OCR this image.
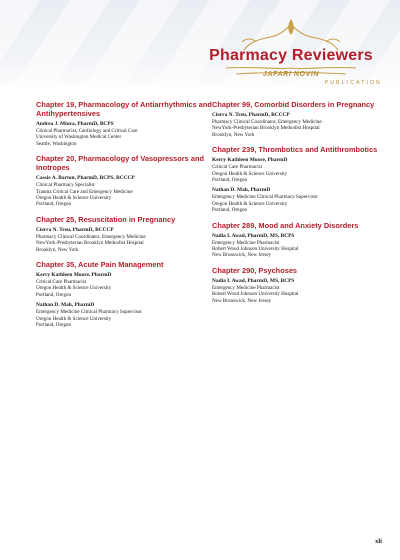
Pharmacy Reviewers
JAFARI NOVIN
PUBLICATION
Chapter 19, Pharmacology of Antiarrhythmics and Antihypertensives
Andrea J. Miura, PharmD, BCPS
Clinical Pharmacist, Cardiology and Critical Care
University of Washington Medical Center
Seattle, Washington
Chapter 20, Pharmacology of Vasopressors and Inotropes
Cassie A. Barton, PharmD, BCPS, BCCCP
Clinical Pharmacy Specialist
Trauma Critical Care and Emergency Medicine
Oregon Health & Science University
Portland, Oregon
Chapter 25, Resuscitation in Pregnancy
Cierra N. Treu, PharmD, BCCCP
Pharmacy Clinical Coordinator, Emergency Medicine
NewYork-Presbyterian Brooklyn Methodist Hospital
Brooklyn, New York
Chapter 35, Acute Pain Management
Kerry Kathleen Moore, PharmD
Critical Care Pharmacist
Oregon Health & Science University
Portland, Oregon
Nathan D. Mah, PharmD
Emergency Medicine Clinical Pharmacy Supervisor
Oregon Health & Science University
Portland, Oregon
Chapter 99, Comorbid Disorders in Pregnancy
Cierra N. Treu, PharmD, BCCCP
Pharmacy Clinical Coordinator, Emergency Medicine
NewYork-Presbyterian Brooklyn Methodist Hospital
Brooklyn, New York
Chapter 239, Thrombotics and Antithrombotics
Kerry Kathleen Moore, PharmD
Critical Care Pharmacist
Oregon Health & Science University
Portland, Oregon
Nathan D. Mah, PharmD
Emergency Medicine Clinical Pharmacy Supervisor
Oregon Health & Science University
Portland, Oregon
Chapter 289, Mood and Anxiety Disorders
Nadia I. Awad, PharmD, MS, BCPS
Emergency Medicine Pharmacist
Robert Wood Johnson University Hospital
New Brunswick, New Jersey
Chapter 290, Psychoses
Nadia I. Awad, PharmD, MS, BCPS
Emergency Medicine Pharmacist
Robert Wood Johnson University Hospital
New Brunswick, New Jersey
xli
